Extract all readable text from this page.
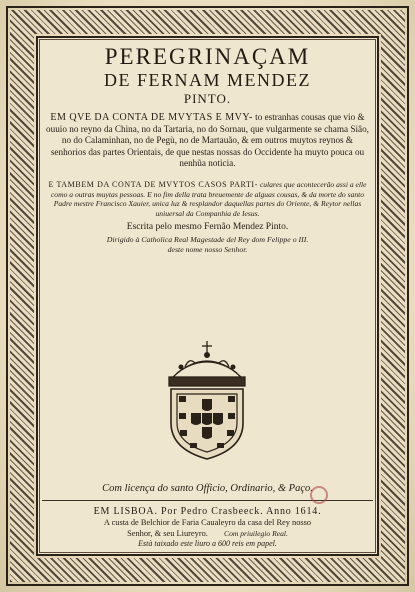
PEREGRINAÇAM
DE FERNAM MENDEZ
PINTO.
EM QVE DA CONTA DE MVYTAS E MVY- to estranhas cousas que vio & ouuio no reyno da China, no da Tartaria, no do Sornau, que vulgarmente se chama Siâo, no do Calaminhan, no de Pegù, no de Martauão, & em outros muytos reynos & senhorios das partes Orientais, de que nestas nossas do Occidente ha muyto pouca ou nenhũa noticia.
E TAMBEM DA CONTA DE MVYTOS CASOS PARTI- culares que acontecerão assi a elle como a outras muytas pessoas. E no fim della trata breuemente de alguas cousas, & da morte do santo Padre mestre Francisco Xauier, unica luz & resplandor daquellas partes do Oriente, & Reytor nellas uniuersal da Companhia de Iesus.
Escrita pelo mesmo Fernão Mendez Pinto.
Dirigido à Catholica Real Magestade del Rey dom Felippe o III.
deste nome nosso Senhor.
Com licença do santo Officio, Ordinario, & Paço.
EM LISBOA. Por Pedro Crasbeeck. Anno 1614.
A custa de Belchior de Faria Caualeyro da casa del Rey nosso
Senhor, & seu Liureyro. Com priuilegio Real.
Està taixado este liuro a 600 reis em papel.
